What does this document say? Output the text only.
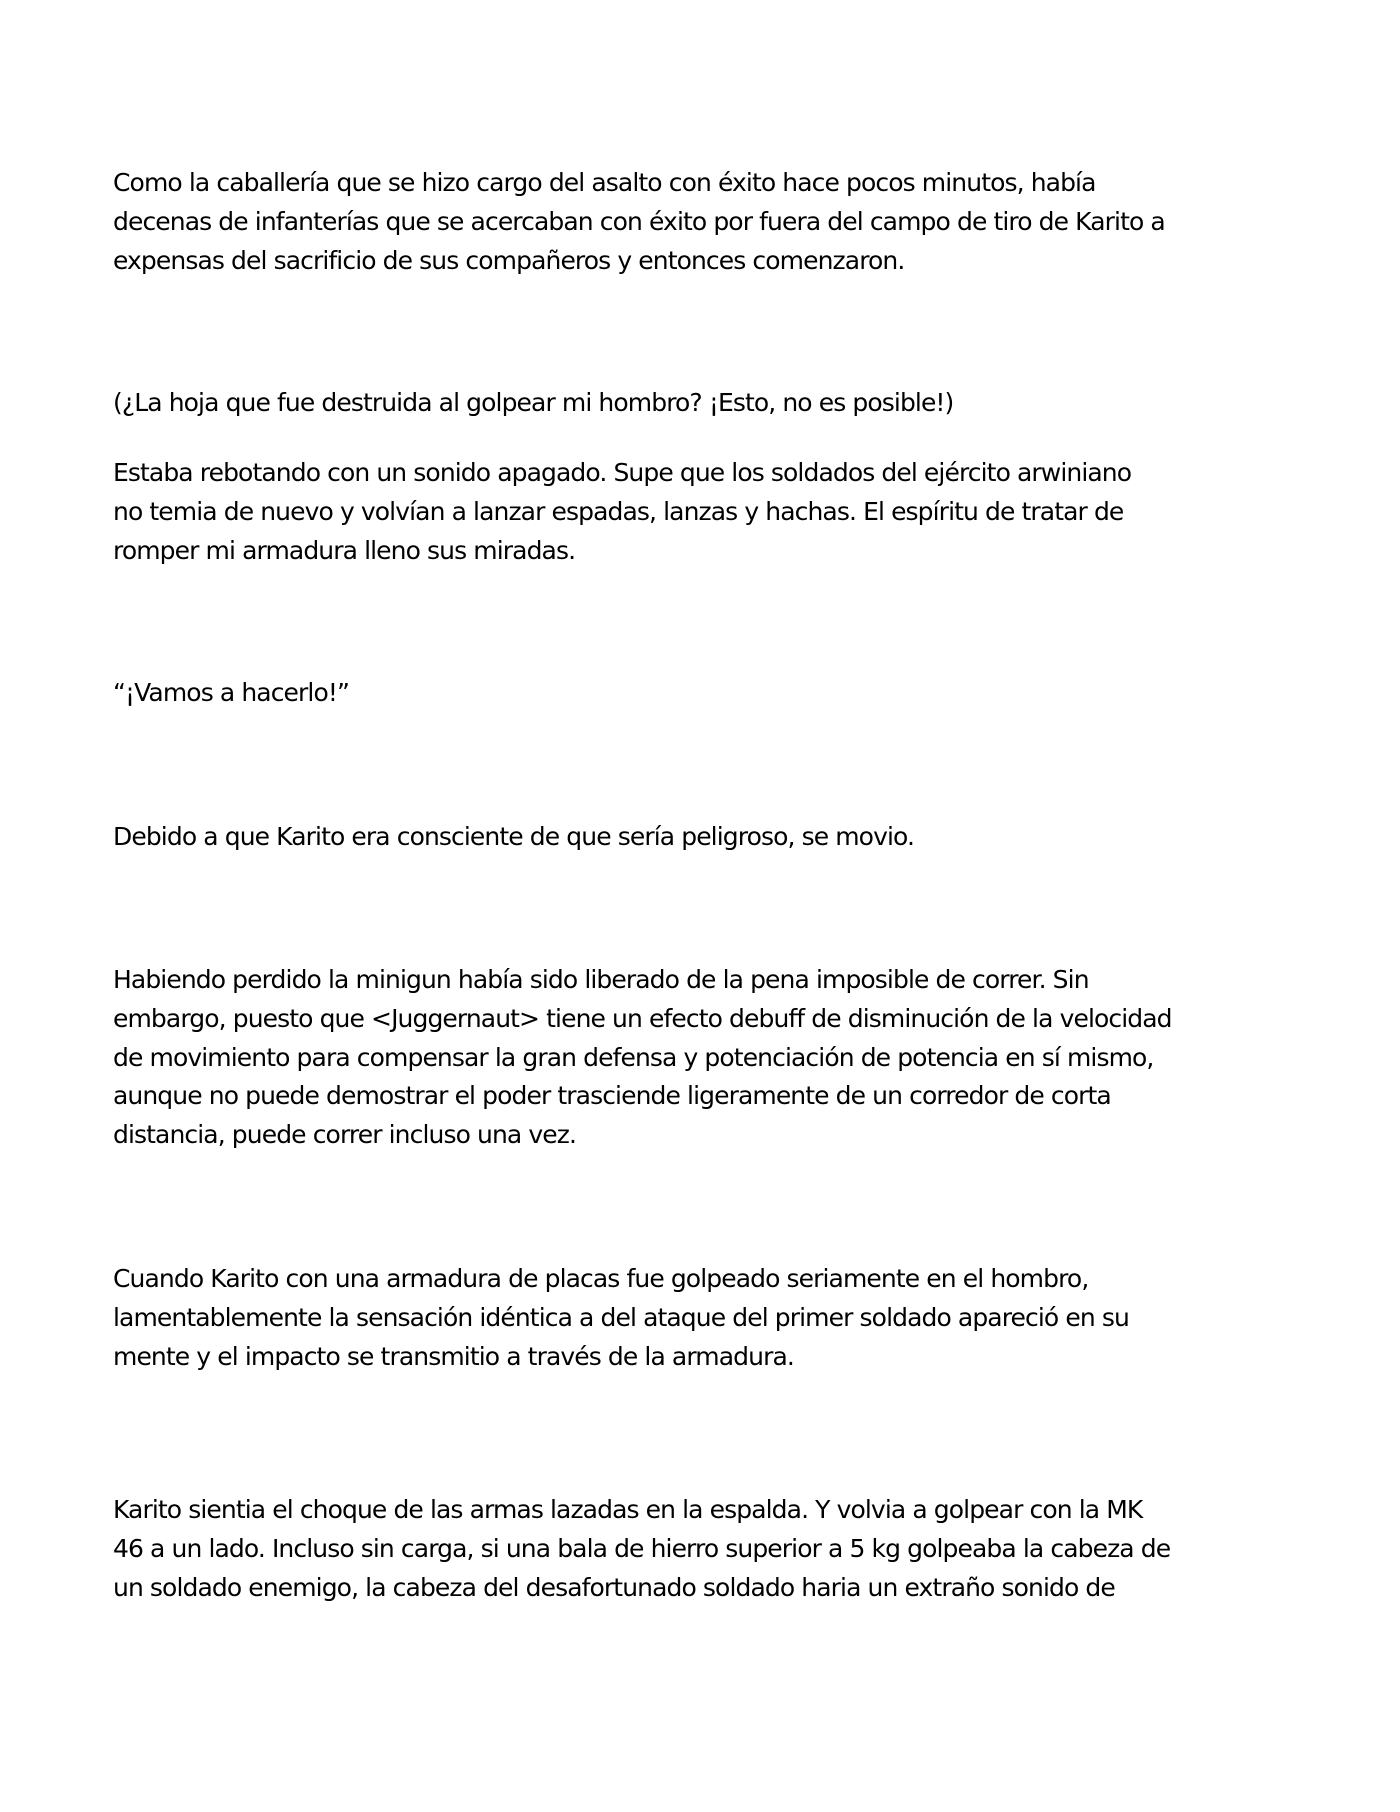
Como la caballería que se hizo cargo del asalto con éxito hace pocos minutos, había
decenas de infanterías que se acercaban con éxito por fuera del campo de tiro de Karito a
expensas del sacrificio de sus compañeros y entonces comenzaron.

(¿La hoja que fue destruida al golpear mi hombro? ¡Esto, no es posible!)

Estaba rebotando con un sonido apagado. Supe que los soldados del ejército arwiniano
no temia de nuevo y volvían a lanzar espadas, lanzas y hachas. El espíritu de tratar de
romper mi armadura lleno sus miradas.

“¡Vamos a hacerlo!”

Debido a que Karito era consciente de que sería peligroso, se movio.

Habiendo perdido la minigun había sido liberado de la pena imposible de correr. Sin
embargo, puesto que <Juggernaut> tiene un efecto debuff de disminución de la velocidad
de movimiento para compensar la gran defensa y potenciación de potencia en sí mismo,
aunque no puede demostrar el poder trasciende ligeramente de un corredor de corta
distancia, puede correr incluso una vez.

Cuando Karito con una armadura de placas fue golpeado seriamente en el hombro,
lamentablemente la sensación idéntica a del ataque del primer soldado apareció en su
mente y el impacto se transmitio a través de la armadura.

Karito sientia el choque de las armas lazadas en la espalda. Y volvia a golpear con la MK
46 a un lado. Incluso sin carga, si una bala de hierro superior a 5 kg golpeaba la cabeza de
un soldado enemigo, la cabeza del desafortunado soldado haria un extraño sonido de
